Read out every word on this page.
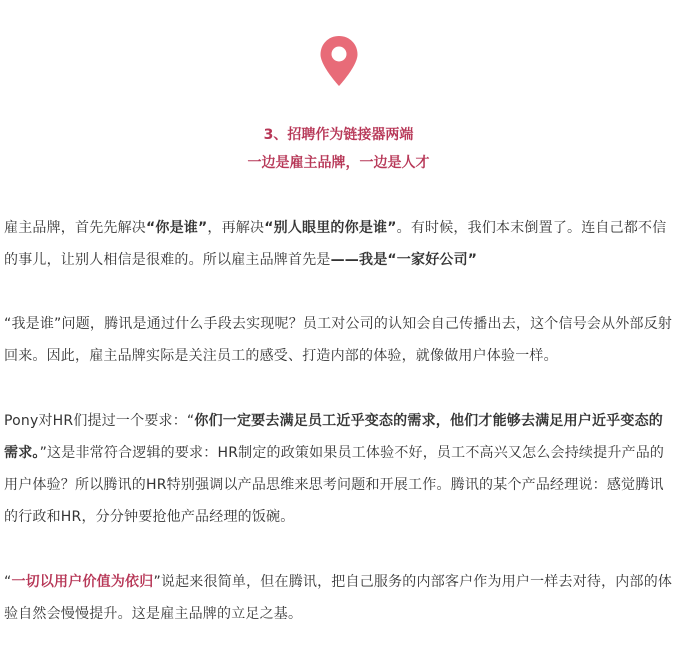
3、招聘作为链接器两端
一边是雇主品牌，一边是人才
雇主品牌，首先先解决“你是谁”，再解决“别人眼里的你是谁”。有时候，我们本末倒置了。连自己都不信的事儿，让别人相信是很难的。所以雇主品牌首先是——我是“一家好公司”
“我是谁”问题，腾讯是通过什么手段去实现呢？员工对公司的认知会自己传播出去，这个信号会从外部反射回来。因此，雇主品牌实际是关注员工的感受、打造内部的体验，就像做用户体验一样。
Pony对HR们提过一个要求：“你们一定要去满足员工近乎变态的需求，他们才能够去满足用户近乎变态的需求。”这是非常符合逻辑的要求：HR制定的政策如果员工体验不好，员工不高兴又怎么会持续提升产品的用户体验？所以腾讯的HR特别强调以产品思维来思考问题和开展工作。腾讯的某个产品经理说：感觉腾讯的行政和HR，分分钟要抢他产品经理的饭碗。
“一切以用户价值为依归”说起来很简单，但在腾讯，把自己服务的内部客户作为用户一样去对待，内部的体验自然会慢慢提升。这是雇主品牌的立足之基。
